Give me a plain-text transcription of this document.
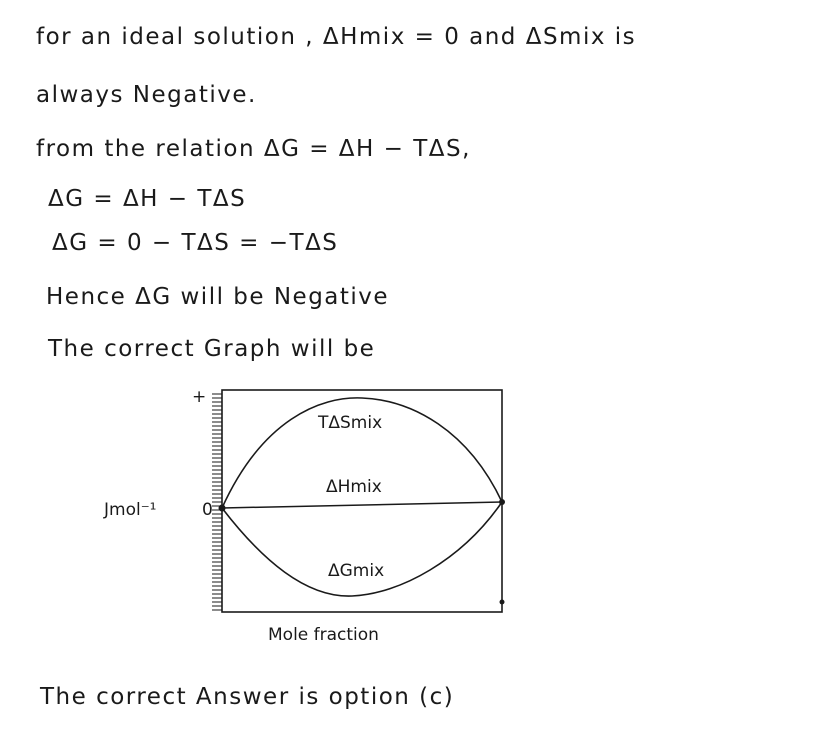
for an ideal solution , ΔHmix = 0 and ΔSmix is
always Negative.
from the relation ΔG = ΔH − TΔS,
ΔG = ΔH − TΔS
ΔG = 0 − TΔS = −TΔS
Hence ΔG will be Negative
The correct Graph will be
+
Jmol⁻¹	0
TΔSmix
ΔHmix
ΔGmix
Mole fraction
The correct Answer is option (c)
